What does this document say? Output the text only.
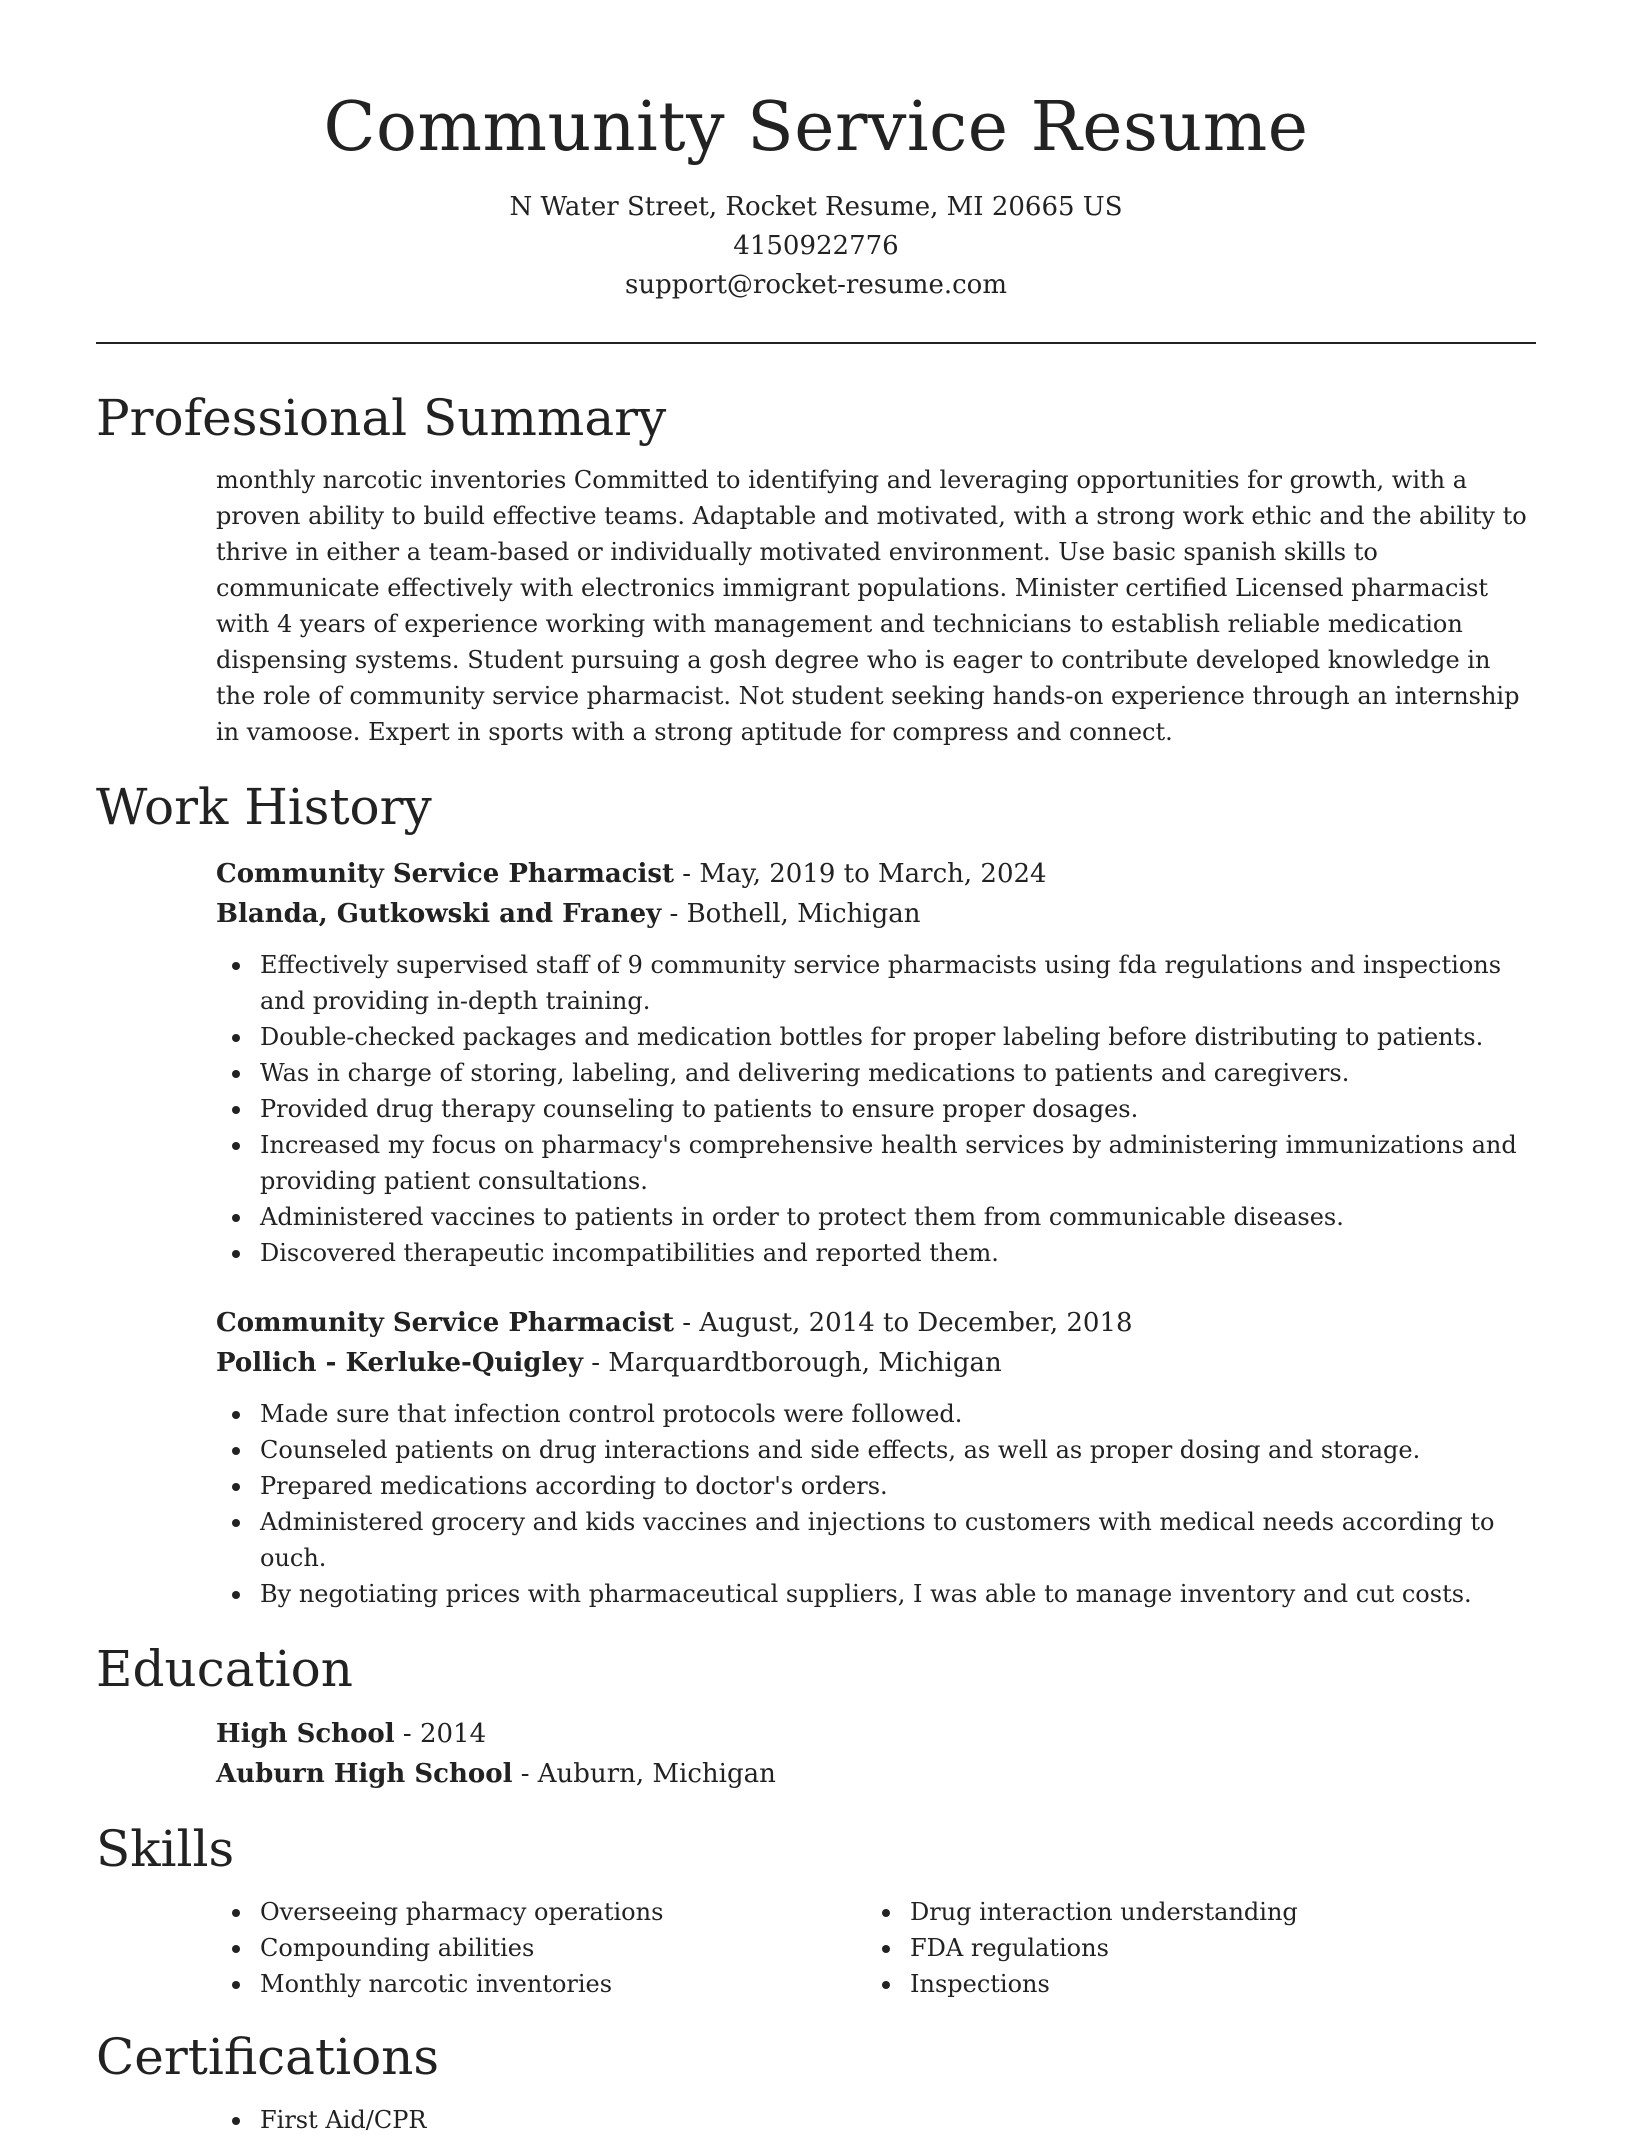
Community Service Resume
N Water Street, Rocket Resume, MI 20665 US
4150922776
support@rocket-resume.com
Professional Summary
monthly narcotic inventories Committed to identifying and leveraging opportunities for growth, with a proven ability to build effective teams. Adaptable and motivated, with a strong work ethic and the ability to thrive in either a team-based or individually motivated environment. Use basic spanish skills to communicate effectively with electronics immigrant populations. Minister certified Licensed pharmacist with 4 years of experience working with management and technicians to establish reliable medication dispensing systems. Student pursuing a gosh degree who is eager to contribute developed knowledge in the role of community service pharmacist. Not student seeking hands-on experience through an internship in vamoose. Expert in sports with a strong aptitude for compress and connect.
Work History
Community Service Pharmacist - May, 2019 to March, 2024
Blanda, Gutkowski and Franey - Bothell, Michigan
Effectively supervised staff of 9 community service pharmacists using fda regulations and inspections and providing in-depth training.
Double-checked packages and medication bottles for proper labeling before distributing to patients.
Was in charge of storing, labeling, and delivering medications to patients and caregivers.
Provided drug therapy counseling to patients to ensure proper dosages.
Increased my focus on pharmacy's comprehensive health services by administering immunizations and providing patient consultations.
Administered vaccines to patients in order to protect them from communicable diseases.
Discovered therapeutic incompatibilities and reported them.
Community Service Pharmacist - August, 2014 to December, 2018
Pollich - Kerluke-Quigley - Marquardtborough, Michigan
Made sure that infection control protocols were followed.
Counseled patients on drug interactions and side effects, as well as proper dosing and storage.
Prepared medications according to doctor's orders.
Administered grocery and kids vaccines and injections to customers with medical needs according to ouch.
By negotiating prices with pharmaceutical suppliers, I was able to manage inventory and cut costs.
Education
High School - 2014
Auburn High School - Auburn, Michigan
Skills
Overseeing pharmacy operations
Compounding abilities
Monthly narcotic inventories
Drug interaction understanding
FDA regulations
Inspections
Certifications
First Aid/CPR
